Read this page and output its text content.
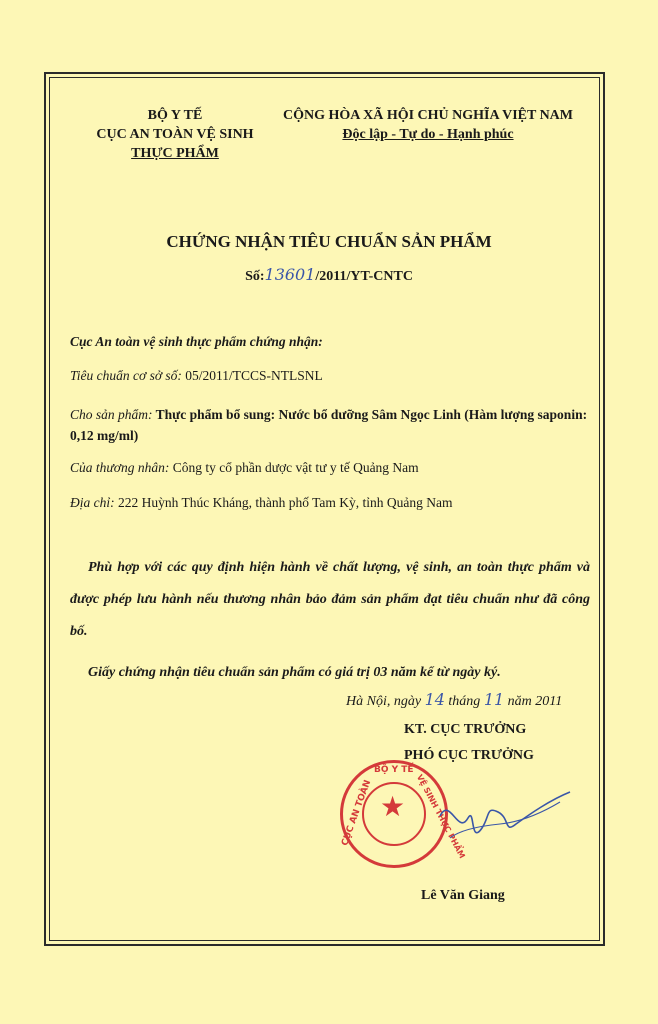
BỘ Y TẾ
CỤC AN TOÀN VỆ SINH
THỰC PHẨM
CỘNG HÒA XÃ HỘI CHỦ NGHĨA VIỆT NAM
Độc lập - Tự do - Hạnh phúc
CHỨNG NHẬN TIÊU CHUẨN SẢN PHẨM
Số:13601/2011/YT-CNTC
Cục An toàn vệ sinh thực phẩm chứng nhận:
Tiêu chuẩn cơ sở số: 05/2011/TCCS-NTLSNL
Cho sản phẩm: Thực phẩm bổ sung: Nước bổ dưỡng Sâm Ngọc Linh (Hàm lượng saponin: 0,12 mg/ml)
Của thương nhân: Công ty cổ phần dược vật tư y tế Quảng Nam
Địa chỉ: 222 Huỳnh Thúc Kháng, thành phố Tam Kỳ, tỉnh Quảng Nam
Phù hợp với các quy định hiện hành về chất lượng, vệ sinh, an toàn thực phẩm và được phép lưu hành nếu thương nhân bảo đảm sản phẩm đạt tiêu chuẩn như đã công bố.
Giấy chứng nhận tiêu chuẩn sản phẩm có giá trị 03 năm kể từ ngày ký.
Hà Nội, ngày 14 tháng 11 năm 2011
KT. CỤC TRƯỞNG
PHÓ CỤC TRƯỞNG
★
BỘ Y TẾ
CỤC AN TOÀN	VỆ SINH THỰC PHẨM
Lê Văn Giang
